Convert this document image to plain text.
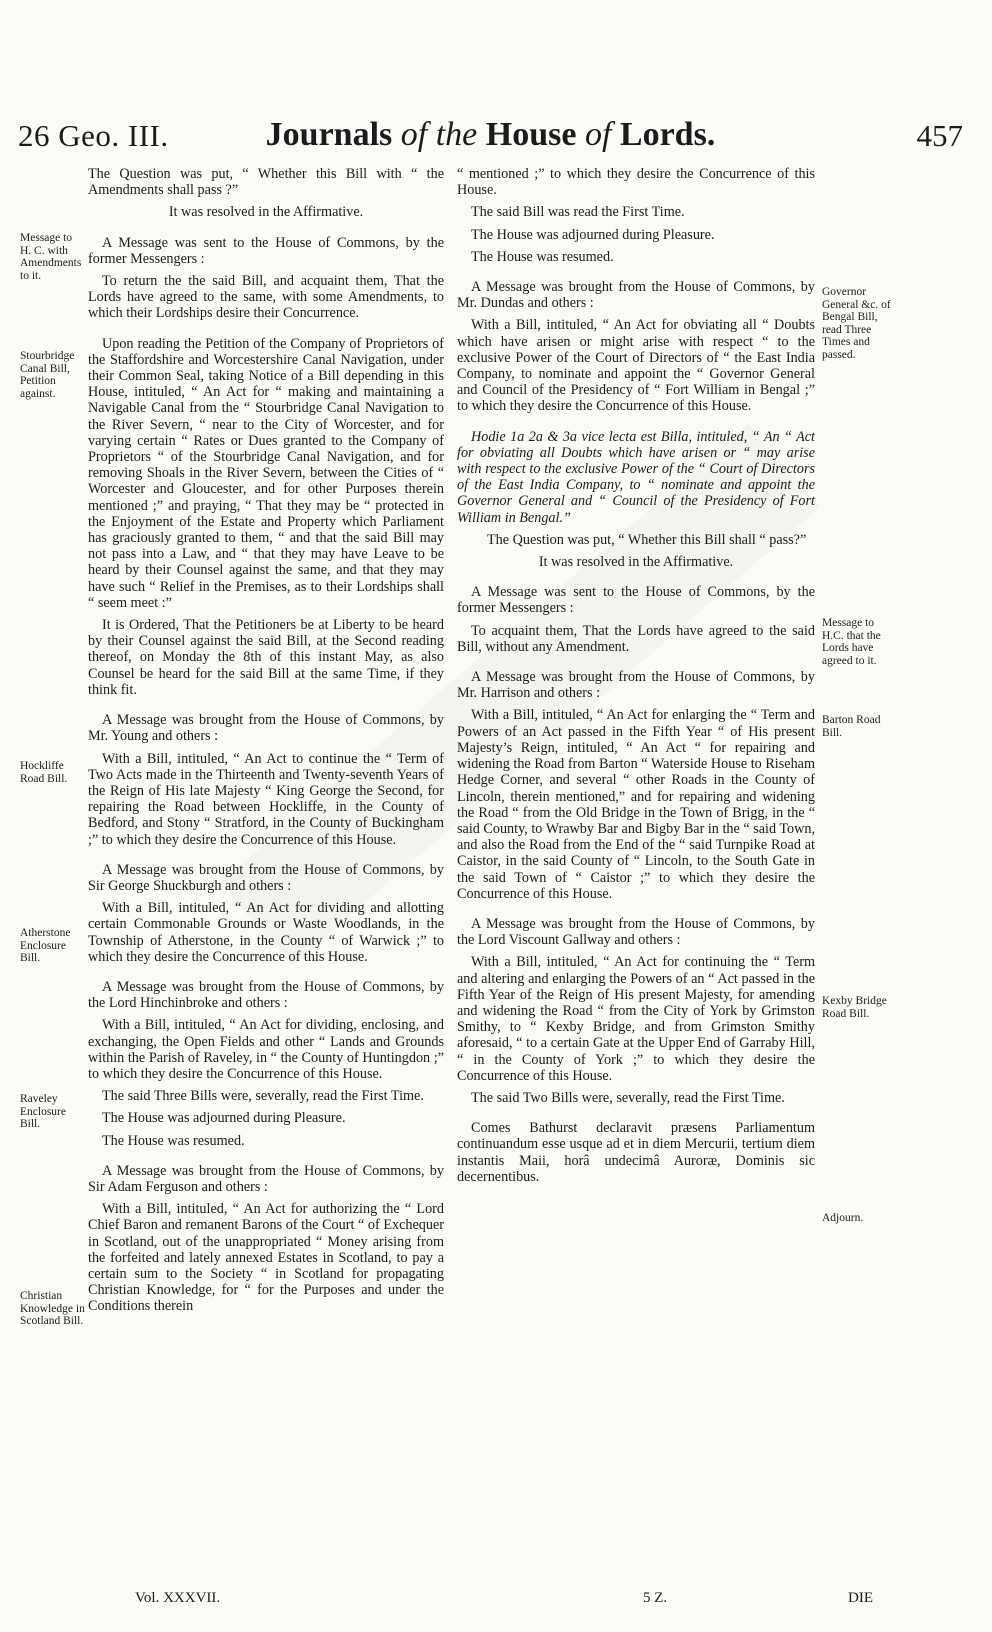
26 Geo. III.	Journals of the House of Lords.	457
Message to H. C. with Amendments to it.
Stourbridge Canal Bill, Petition against.
Hockliffe Road Bill.
Atherstone Enclosure Bill.
Raveley Enclosure Bill.
Christian Knowledge in Scotland Bill.
Governor General &c. of Bengal Bill, read Three Times and passed.
Message to H.C. that the Lords have agreed to it.
Barton Road Bill.
Kexby Bridge Road Bill.
Adjourn.

The Question was put, “ Whether this Bill with “ the Amendments shall pass ?”

It was resolved in the Affirmative.

A Message was sent to the House of Commons, by the former Messengers :

To return the the said Bill, and acquaint them, That the Lords have agreed to the same, with some Amendments, to which their Lordships desire their Concurrence.

Upon reading the Petition of the Company of Proprietors of the Staffordshire and Worcestershire Canal Navigation, under their Common Seal, taking Notice of a Bill depending in this House, intituled, “ An Act for “ making and maintaining a Navigable Canal from the “ Stourbridge Canal Navigation to the River Severn, “ near to the City of Worcester, and for varying certain “ Rates or Dues granted to the Company of Proprietors “ of the Stourbridge Canal Navigation, and for removing Shoals in the River Severn, between the Cities of “ Worcester and Gloucester, and for other Purposes therein mentioned ;” and praying, “ That they may be “ protected in the Enjoyment of the Estate and Property which Parliament has graciously granted to them, “ and that the said Bill may not pass into a Law, and “ that they may have Leave to be heard by their Counsel against the same, and that they may have such “ Relief in the Premises, as to their Lordships shall “ seem meet :”

It is Ordered, That the Petitioners be at Liberty to be heard by their Counsel against the said Bill, at the Second reading thereof, on Monday the 8th of this instant May, as also Counsel be heard for the said Bill at the same Time, if they think fit.

A Message was brought from the House of Commons, by Mr. Young and others :

With a Bill, intituled, “ An Act to continue the “ Term of Two Acts made in the Thirteenth and Twenty-seventh Years of the Reign of His late Majesty “ King George the Second, for repairing the Road between Hockliffe, in the County of Bedford, and Stony “ Stratford, in the County of Buckingham ;” to which they desire the Concurrence of this House.

A Message was brought from the House of Commons, by Sir George Shuckburgh and others :

With a Bill, intituled, “ An Act for dividing and allotting certain Commonable Grounds or Waste Woodlands, in the Township of Atherstone, in the County “ of Warwick ;” to which they desire the Concurrence of this House.

A Message was brought from the House of Commons, by the Lord Hinchinbroke and others :

With a Bill, intituled, “ An Act for dividing, enclosing, and exchanging, the Open Fields and other “ Lands and Grounds within the Parish of Raveley, in “ the County of Huntingdon ;” to which they desire the Concurrence of this House.

The said Three Bills were, severally, read the First Time.

The House was adjourned during Pleasure.

The House was resumed.

A Message was brought from the House of Commons, by Sir Adam Ferguson and others :

With a Bill, intituled, “ An Act for authorizing the “ Lord Chief Baron and remanent Barons of the Court “ of Exchequer in Scotland, out of the unappropriated “ Money arising from the forfeited and lately annexed Estates in Scotland, to pay a certain sum to the Society “ in Scotland for propagating Christian Knowledge, for “ for the Purposes and under the Conditions therein

“ mentioned ;” to which they desire the Concurrence of this House.

The said Bill was read the First Time.

The House was adjourned during Pleasure.

The House was resumed.

A Message was brought from the House of Commons, by Mr. Dundas and others :

With a Bill, intituled, “ An Act for obviating all “ Doubts which have arisen or might arise with respect “ to the exclusive Power of the Court of Directors of “ the East India Company, to nominate and appoint the “ Governor General and Council of the Presidency of “ Fort William in Bengal ;” to which they desire the Concurrence of this House.

Hodie 1a 2a & 3a vice lecta est Billa, intituled, “ An “ Act for obviating all Doubts which have arisen or “ may arise with respect to the exclusive Power of the “ Court of Directors of the East India Company, to “ nominate and appoint the Governor General and “ Council of the Presidency of Fort William in Bengal.”

The Question was put, “ Whether this Bill shall “ pass?”

It was resolved in the Affirmative.

A Message was sent to the House of Commons, by the former Messengers :

To acquaint them, That the Lords have agreed to the said Bill, without any Amendment.

A Message was brought from the House of Commons, by Mr. Harrison and others :

With a Bill, intituled, “ An Act for enlarging the “ Term and Powers of an Act passed in the Fifth Year “ of His present Majesty’s Reign, intituled, “ An Act “ for repairing and widening the Road from Barton “ Waterside House to Riseham Hedge Corner, and several “ other Roads in the County of Lincoln, therein mentioned,” and for repairing and widening the Road “ from the Old Bridge in the Town of Brigg, in the “ said County, to Wrawby Bar and Bigby Bar in the “ said Town, and also the Road from the End of the “ said Turnpike Road at Caistor, in the said County of “ Lincoln, to the South Gate in the said Town of “ Caistor ;” to which they desire the Concurrence of this House.

A Message was brought from the House of Commons, by the Lord Viscount Gallway and others :

With a Bill, intituled, “ An Act for continuing the “ Term and altering and enlarging the Powers of an “ Act passed in the Fifth Year of the Reign of His present Majesty, for amending and widening the Road “ from the City of York by Grimston Smithy, to “ Kexby Bridge, and from Grimston Smithy aforesaid, “ to a certain Gate at the Upper End of Garraby Hill, “ in the County of York ;” to which they desire the Concurrence of this House.

The said Two Bills were, severally, read the First Time.

Comes Bathurst declaravit præsens Parliamentum continuandum esse usque ad et in diem Mercurii, tertium diem instantis Maii, horâ undecimâ Auroræ, Dominis sic decernentibus.

Vol. XXXVII.	5 Z.	DIE
